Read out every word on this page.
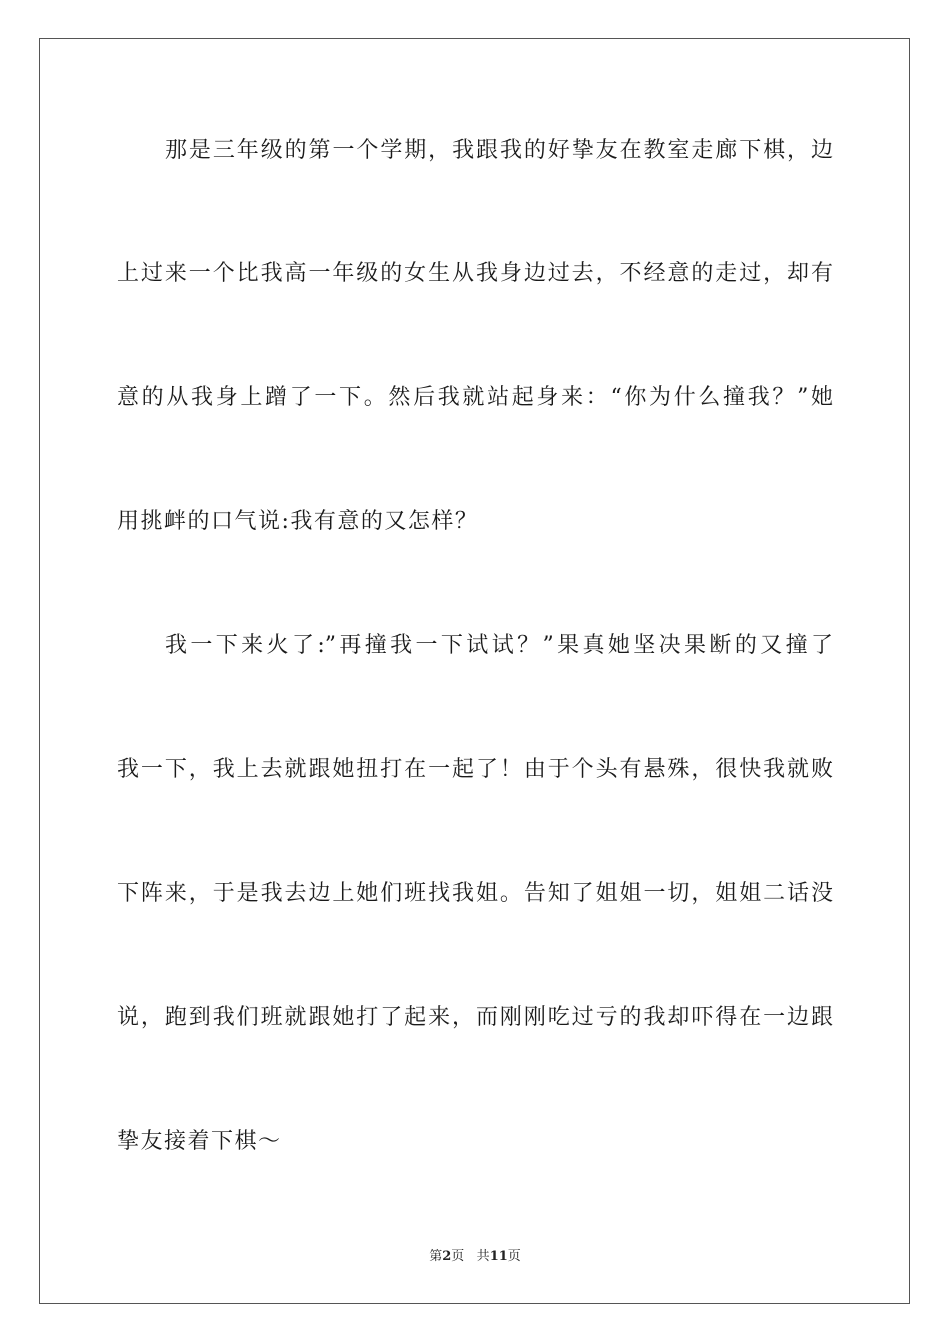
那是三年级的第一个学期，我跟我的好挚友在教室走廊下棋，边
上过来一个比我高一年级的女生从我身边过去，不经意的走过，却有
意的从我身上蹭了一下。然后我就站起身来：“你为什么撞我？”她
用挑衅的口气说:我有意的又怎样？
我一下来火了:”再撞我一下试试？”果真她坚决果断的又撞了
我一下，我上去就跟她扭打在一起了！由于个头有悬殊，很快我就败
下阵来，于是我去边上她们班找我姐。告知了姐姐一切，姐姐二话没
说，跑到我们班就跟她打了起来，而刚刚吃过亏的我却吓得在一边跟
挚友接着下棋～
第2页 共11页
